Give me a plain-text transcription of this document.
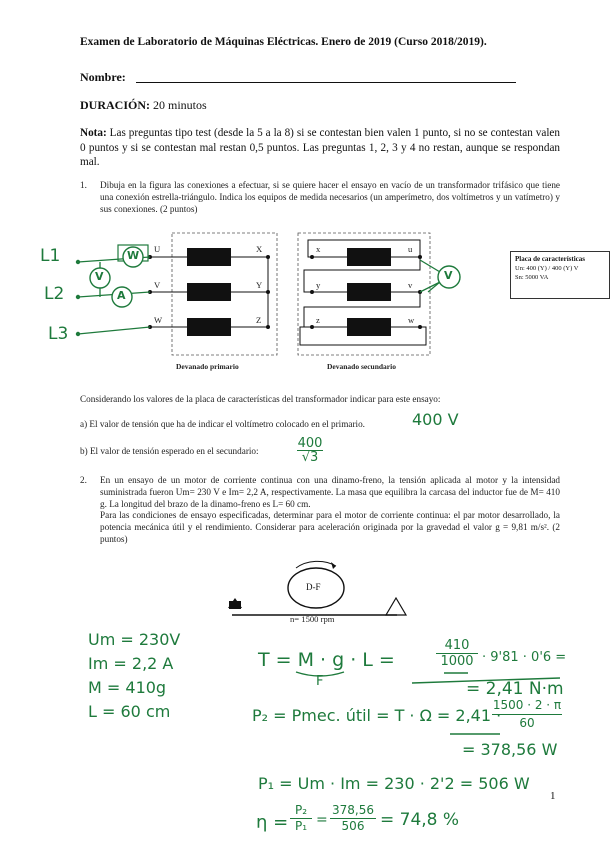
Examen de Laboratorio de Máquinas Eléctricas. Enero de 2019 (Curso 2018/2019).
Nombre:
DURACIÓN: 20 minutos
Nota: Las preguntas tipo test (desde la 5 a la 8) si se contestan bien valen 1 punto, si no se contestan valen 0 puntos y si se contestan mal restan 0,5 puntos. Las preguntas 1, 2, 3 y 4 no restan, aunque se respondan mal.
1. Dibuja en la figura las conexiones a efectuar, si se quiere hacer el ensayo en vacío de un transformador trifásico que tiene una conexión estrella-triángulo. Indica los equipos de medida necesarios (un amperímetro, dos voltímetros y un vatímetro) y sus conexiones. (2 puntos)
U
V
W
X
Y
Z
x
y
z
u
v
w
Devanado primario	Devanado secundario
Placa de características
Un: 400 (Y) / 400 (Y) V
Sn: 5000 VA
L1
L2
L3
W
V
A
V
Considerando los valores de la placa de características del transformador indicar para este ensayo:
a) El valor de tensión que ha de indicar el voltímetro colocado en el primario.	400 V
b) El valor de tensión esperado en el secundario:	$\frac{400}{√3}$
2. En un ensayo de un motor de corriente continua con una dinamo-freno, la tensión aplicada al motor y la intensidad suministrada fueron Um= 230 V e Im= 2,2 A, respectivamente. La masa que equilibra la carcasa del inductor fue de M= 410 g. La longitud del brazo de la dinamo-freno es L= 60 cm.
Para las condiciones de ensayo especificadas, determinar para el motor de corriente continua: el par motor desarrollado, la potencia mecánica útil y el rendimiento. Considerar para aceleración originada por la gravedad el valor g = 9,81 m/s². (2 puntos)
D-F
n= 1500 rpm
Um = 230V
Im = 2,2 A
M = 410g
L = 60 cm
T = M · g · L =
F
$\frac{410}{1000} \cdot 9'81 \cdot 0'6$ =
= 2,41 N·m
P₂ = Pmec. útil = T · Ω = 2,41 ·
$\frac{1500 \cdot 2 \cdot \pi}{60}$
= 378,56 W
P₁ = Um · Im = 230 · 2'2 = 506 W
$\eta = \frac{\text{P₂}}{\text{P₁}} = \frac{378,56}{506} = 74,8$ %
1
